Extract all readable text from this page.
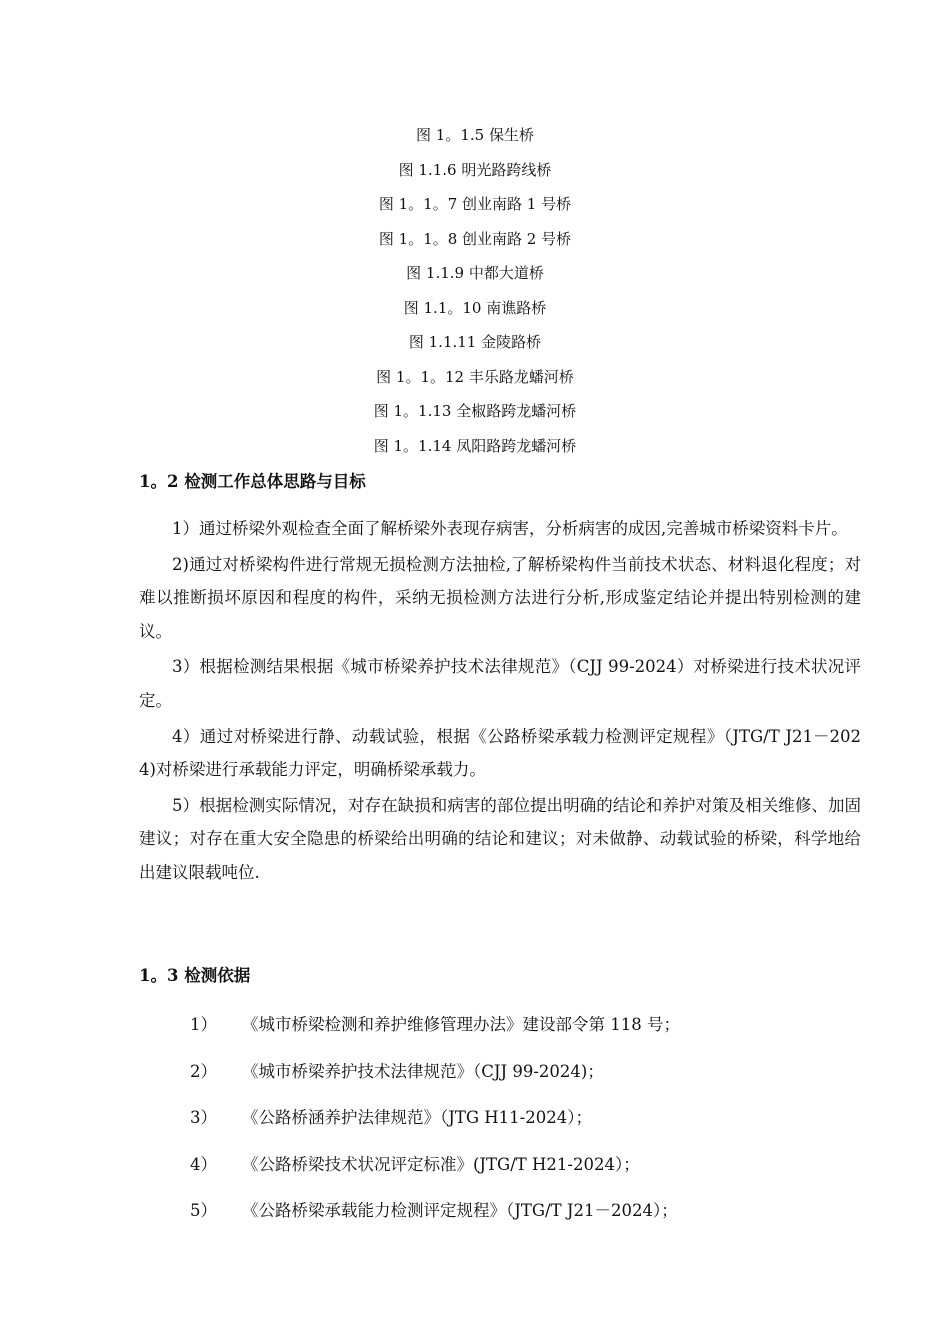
图 1。1.5 保生桥

图 1.1.6 明光路跨线桥

图 1。1。7 创业南路 1 号桥

图 1。1。8 创业南路 2 号桥

图 1.1.9 中都大道桥

图 1.1。10 南谯路桥

图 1.1.11 金陵路桥

图 1。1。12 丰乐路龙蟠河桥

图 1。1.13 全椒路跨龙蟠河桥

图 1。1.14 凤阳路跨龙蟠河桥

1。2 检测工作总体思路与目标

1）通过桥梁外观检查全面了解桥梁外表现存病害，分析病害的成因,完善城市桥梁资料卡片。

2)通过对桥梁构件进行常规无损检测方法抽检,了解桥梁构件当前技术状态、材料退化程度；对难以推断损坏原因和程度的构件，采纳无损检测方法进行分析,形成鉴定结论并提出特别检测的建议。

3）根据检测结果根据《城市桥梁养护技术法律规范》（CJJ 99-2024）对桥梁进行技术状况评定。

4）通过对桥梁进行静、动载试验，根据《公路桥梁承载力检测评定规程》（JTG/T J21－2024)对桥梁进行承载能力评定，明确桥梁承载力。

5）根据检测实际情况，对存在缺损和病害的部位提出明确的结论和养护对策及相关维修、加固建议；对存在重大安全隐患的桥梁给出明确的结论和建议；对未做静、动载试验的桥梁，科学地给出建议限载吨位.

1。3 检测依据
1）	《城市桥梁检测和养护维修管理办法》建设部令第 118 号；
2）	《城市桥梁养护技术法律规范》（CJJ 99-2024)；
3）	《公路桥涵养护法律规范》（JTG H11-2024）；
4）	《公路桥梁技术状况评定标准》(JTG/T H21-2024）；
5）	《公路桥梁承载能力检测评定规程》（JTG/T J21－2024）；
